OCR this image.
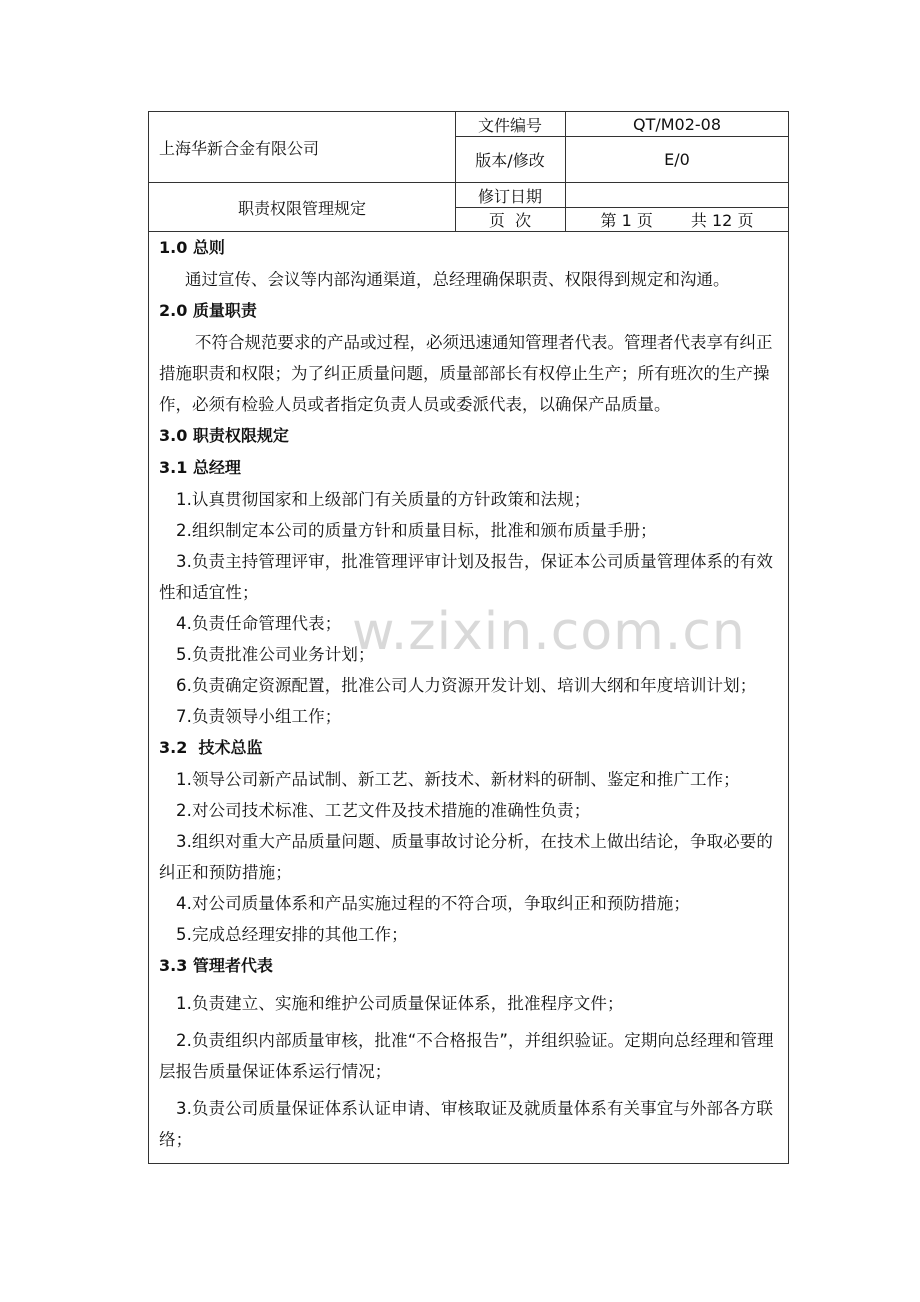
上海华新合金有限公司
职责权限管理规定
文件编号	QT/M02-08
版本/修改	E/0
修订日期
页  次	第 1 页 共 12 页

1.0 总则

通过宣传、会议等内部沟通渠道，总经理确保职责、权限得到规定和沟通。

2.0 质量职责

不符合规范要求的产品或过程，必须迅速通知管理者代表。管理者代表享有纠正措施职责和权限；为了纠正质量问题，质量部部长有权停止生产；所有班次的生产操作，必须有检验人员或者指定负责人员或委派代表，以确保产品质量。

3.0 职责权限规定

3.1 总经理

1.认真贯彻国家和上级部门有关质量的方针政策和法规；

2.组织制定本公司的质量方针和质量目标，批准和颁布质量手册；

3.负责主持管理评审，批准管理评审计划及报告，保证本公司质量管理体系的有效性和适宜性；

4.负责任命管理代表；

5.负责批准公司业务计划；

6.负责确定资源配置，批准公司人力资源开发计划、培训大纲和年度培训计划；

7.负责领导小组工作；

3.2  技术总监

1.领导公司新产品试制、新工艺、新技术、新材料的研制、鉴定和推广工作；

2.对公司技术标准、工艺文件及技术措施的准确性负责；

3.组织对重大产品质量问题、质量事故讨论分析，在技术上做出结论，争取必要的纠正和预防措施；

4.对公司质量体系和产品实施过程的不符合项，争取纠正和预防措施；

5.完成总经理安排的其他工作；

3.3 管理者代表

1.负责建立、实施和维护公司质量保证体系，批准程序文件；

2.负责组织内部质量审核，批准“不合格报告”，并组织验证。定期向总经理和管理层报告质量保证体系运行情况；

3.负责公司质量保证体系认证申请、审核取证及就质量体系有关事宜与外部各方联络；

w.zixin.com.cn
